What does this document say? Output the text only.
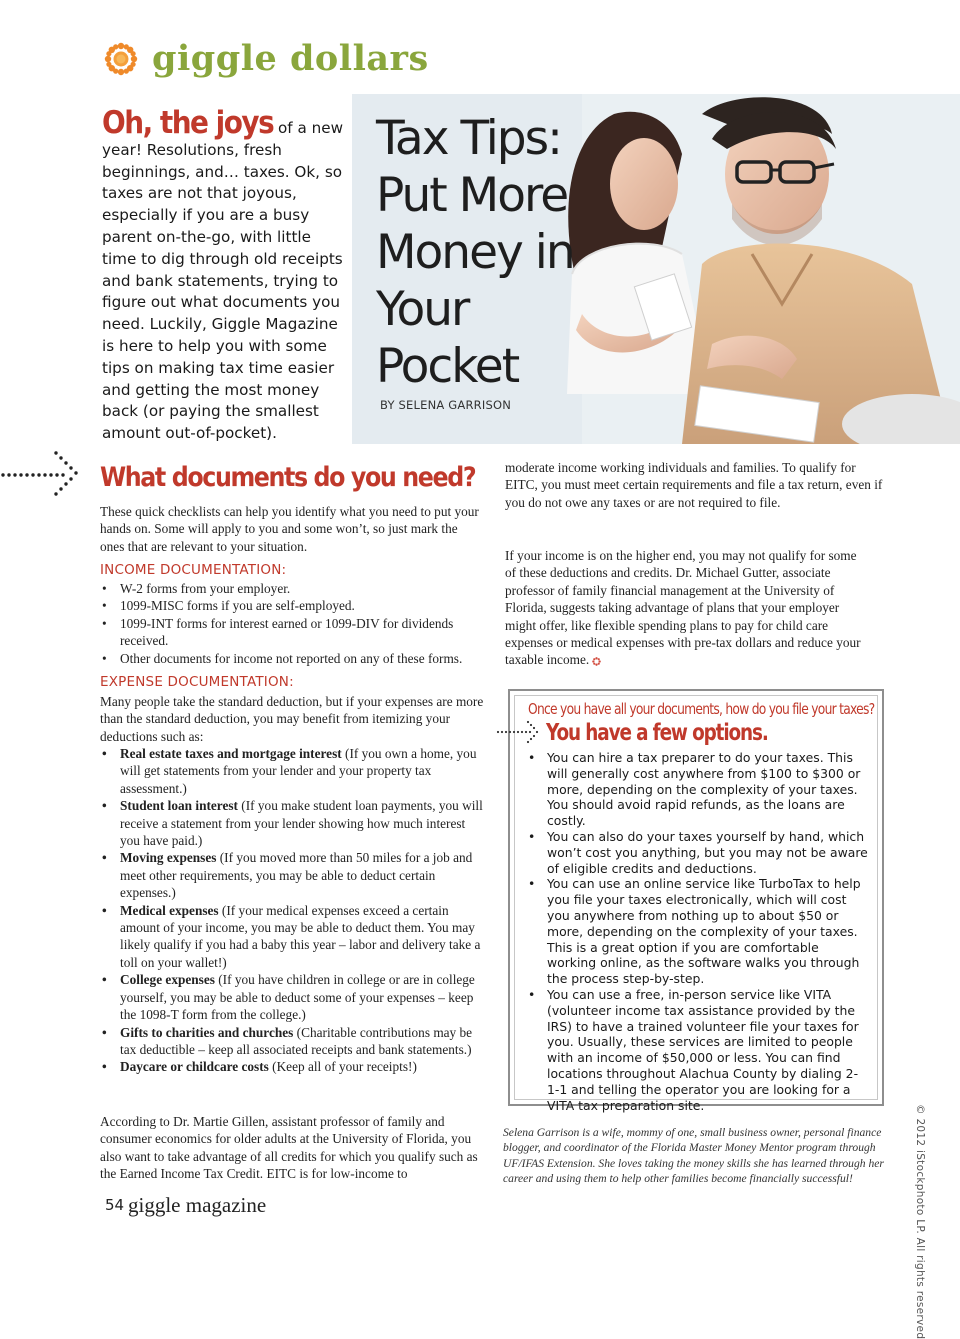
giggle dollars
Oh, the joys of a new year! Resolutions, fresh beginnings, and… taxes. Ok, so taxes are not that joyous, especially if you are a busy parent on-the-go, with little time to dig through old receipts and bank statements, trying to figure out what documents you need. Luckily, Giggle Magazine is here to help you with some tips on making tax time easier and getting the most money back (or paying the smallest amount out-of-pocket).
Tax Tips:
Put More
Money in
Your
Pocket
BY SELENA GARRISON
What documents do you need?
These quick checklists can help you identify what you need to put your hands on. Some will apply to you and some won’t, so just mark the ones that are relevant to your situation.
INCOME DOCUMENTATION:
• W-2 forms from your employer.
• 1099-MISC forms if you are self-employed.
• 1099-INT forms for interest earned or 1099-DIV for dividends received.
• Other documents for income not reported on any of these forms.
EXPENSE DOCUMENTATION:
Many people take the standard deduction, but if your expenses are more than the standard deduction, you may benefit from itemizing your deductions such as:
• Real estate taxes and mortgage interest (If you own a home, you will get statements from your lender and your property tax assessment.)
• Student loan interest (If you make student loan payments, you will receive a statement from your lender showing how much interest you have paid.)
• Moving expenses (If you moved more than 50 miles for a job and meet other requirements, you may be able to deduct certain expenses.)
• Medical expenses (If your medical expenses exceed a certain amount of your income, you may be able to deduct them. You may likely qualify if you had a baby this year – labor and delivery take a toll on your wallet!)
• College expenses (If you have children in college or are in college yourself, you may be able to deduct some of your expenses – keep the 1098-T form from the college.)
• Gifts to charities and churches (Charitable contributions may be tax deductible – keep all associated receipts and bank statements.)
• Daycare or childcare costs (Keep all of your receipts!)
According to Dr. Martie Gillen, assistant professor of family and consumer economics for older adults at the University of Florida, you also want to take advantage of all credits for which you qualify such as the Earned Income Tax Credit. EITC is for low-income to
54 giggle magazine
moderate income working individuals and families. To qualify for EITC, you must meet certain requirements and file a tax return, even if you do not owe any taxes or are not required to file.
If your income is on the higher end, you may not qualify for some of these deductions and credits. Dr. Michael Gutter, associate professor of family financial management at the University of Florida, suggests taking advantage of plans that your employer might offer, like flexible spending plans to pay for child care expenses or medical expenses with pre-tax dollars and reduce your taxable income.
Once you have all your documents, how do you file your taxes?
You have a few options.
• You can hire a tax preparer to do your taxes. This will generally cost anywhere from $100 to $300 or more, depending on the complexity of your taxes. You should avoid rapid refunds, as the loans are costly.
• You can also do your taxes yourself by hand, which won’t cost you anything, but you may not be aware of eligible credits and deductions.
• You can use an online service like TurboTax to help you file your taxes electronically, which will cost you anywhere from nothing up to about $50 or more, depending on the complexity of your taxes. This is a great option if you are comfortable working online, as the software walks you through the process step-by-step.
• You can use a free, in-person service like VITA (volunteer income tax assistance provided by the IRS) to have a trained volunteer file your taxes for you. Usually, these services are limited to people with an income of $50,000 or less. You can find locations throughout Alachua County by dialing 2-1-1 and telling the operator you are looking for a VITA tax preparation site.
Selena Garrison is a wife, mommy of one, small business owner, personal finance blogger, and coordinator of the Florida Master Money Mentor program through UF/IFAS Extension. She loves taking the money skills she has learned through her career and using them to help other families become financially successful!	© 2012 iStockphoto LP. All rights reserved
